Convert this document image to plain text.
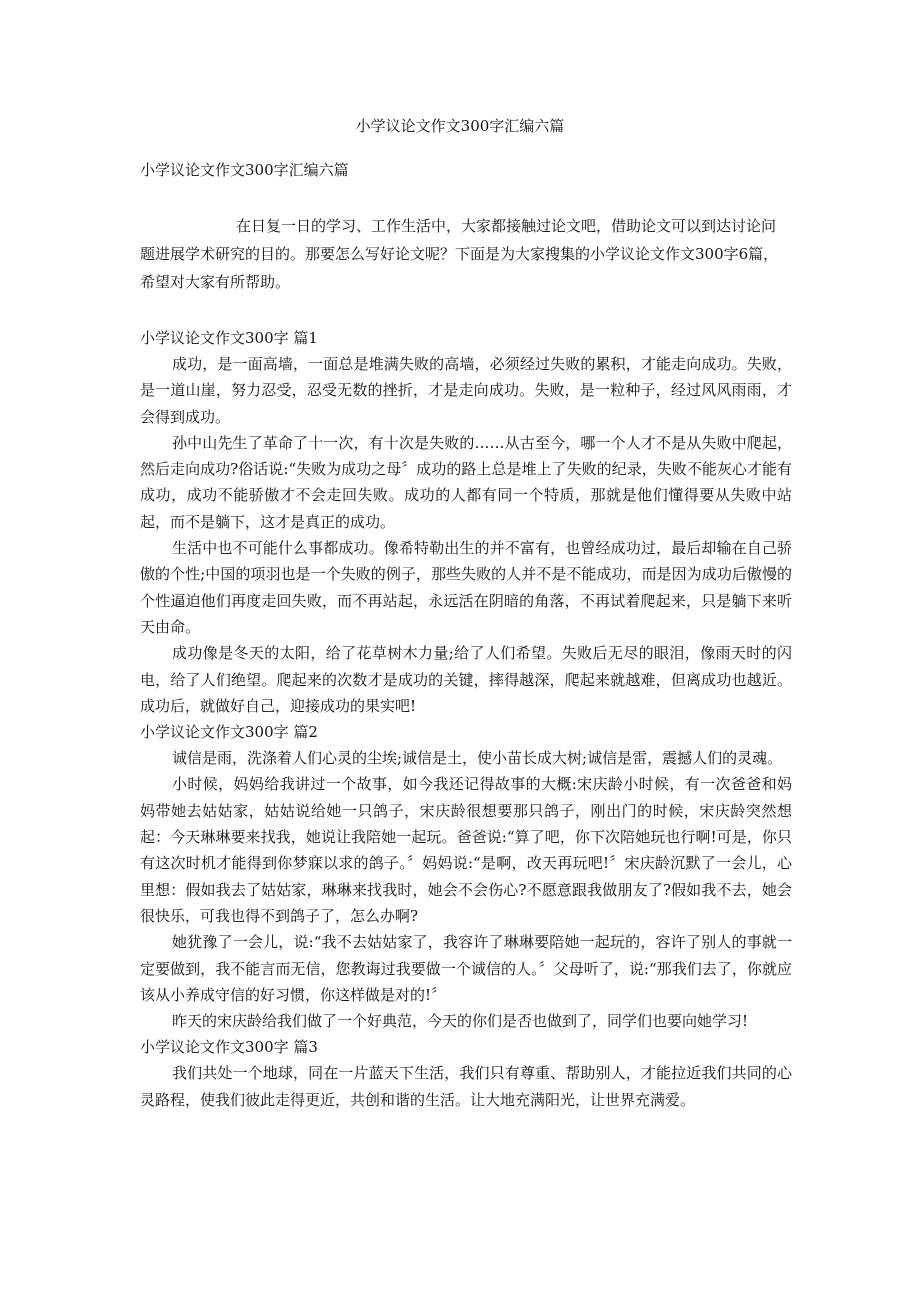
小学议论文作文300字汇编六篇

小学议论文作文300字汇编六篇

在日复一日的学习、工作生活中，大家都接触过论文吧，借助论文可以到达讨论问题进展学术研究的目的。那要怎么写好论文呢？下面是为大家搜集的小学议论文作文300字6篇，希望对大家有所帮助。

小学议论文作文300字 篇1

成功，是一面高墙，一面总是堆满失败的高墙，必须经过失败的累积，才能走向成功。失败，是一道山崖，努力忍受，忍受无数的挫折，才是走向成功。失败，是一粒种子，经过风风雨雨，才会得到成功。

孙中山先生了革命了十一次，有十次是失败的……从古至今，哪一个人才不是从失败中爬起，然后走向成功?俗话说:“失败为成功之母〞成功的路上总是堆上了失败的纪录，失败不能灰心才能有成功，成功不能骄傲才不会走回失败。成功的人都有同一个特质，那就是他们懂得要从失败中站起，而不是躺下，这才是真正的成功。

生活中也不可能什么事都成功。像希特勒出生的并不富有，也曾经成功过，最后却输在自己骄傲的个性;中国的项羽也是一个失败的例子，那些失败的人并不是不能成功，而是因为成功后傲慢的个性逼迫他们再度走回失败，而不再站起，永远活在阴暗的角落，不再试着爬起来，只是躺下来听天由命。

成功像是冬天的太阳，给了花草树木力量;给了人们希望。失败后无尽的眼泪，像雨天时的闪电，给了人们绝望。爬起来的次数才是成功的关键，摔得越深，爬起来就越难，但离成功也越近。成功后，就做好自己，迎接成功的果实吧!

小学议论文作文300字 篇2

诚信是雨，洗涤着人们心灵的尘埃;诚信是土，使小苗长成大树;诚信是雷，震撼人们的灵魂。

小时候，妈妈给我讲过一个故事，如今我还记得故事的大概:宋庆龄小时候，有一次爸爸和妈妈带她去姑姑家，姑姑说给她一只鸽子，宋庆龄很想要那只鸽子，刚出门的时候，宋庆龄突然想起：今天琳琳要来找我，她说让我陪她一起玩。爸爸说:“算了吧，你下次陪她玩也行啊!可是，你只有这次时机才能得到你梦寐以求的鸽子。〞妈妈说:“是啊，改天再玩吧!〞宋庆龄沉默了一会儿，心里想：假如我去了姑姑家，琳琳来找我时，她会不会伤心?不愿意跟我做朋友了?假如我不去，她会很快乐，可我也得不到鸽子了，怎么办啊?

她犹豫了一会儿，说:“我不去姑姑家了，我容许了琳琳要陪她一起玩的，容许了别人的事就一定要做到，我不能言而无信，您教诲过我要做一个诚信的人。〞父母听了，说:“那我们去了，你就应该从小养成守信的好习惯，你这样做是对的!〞

昨天的宋庆龄给我们做了一个好典范，今天的你们是否也做到了，同学们也要向她学习!

小学议论文作文300字 篇3

我们共处一个地球，同在一片蓝天下生活，我们只有尊重、帮助别人，才能拉近我们共同的心灵路程，使我们彼此走得更近，共创和谐的生活。让大地充满阳光，让世界充满爱。
